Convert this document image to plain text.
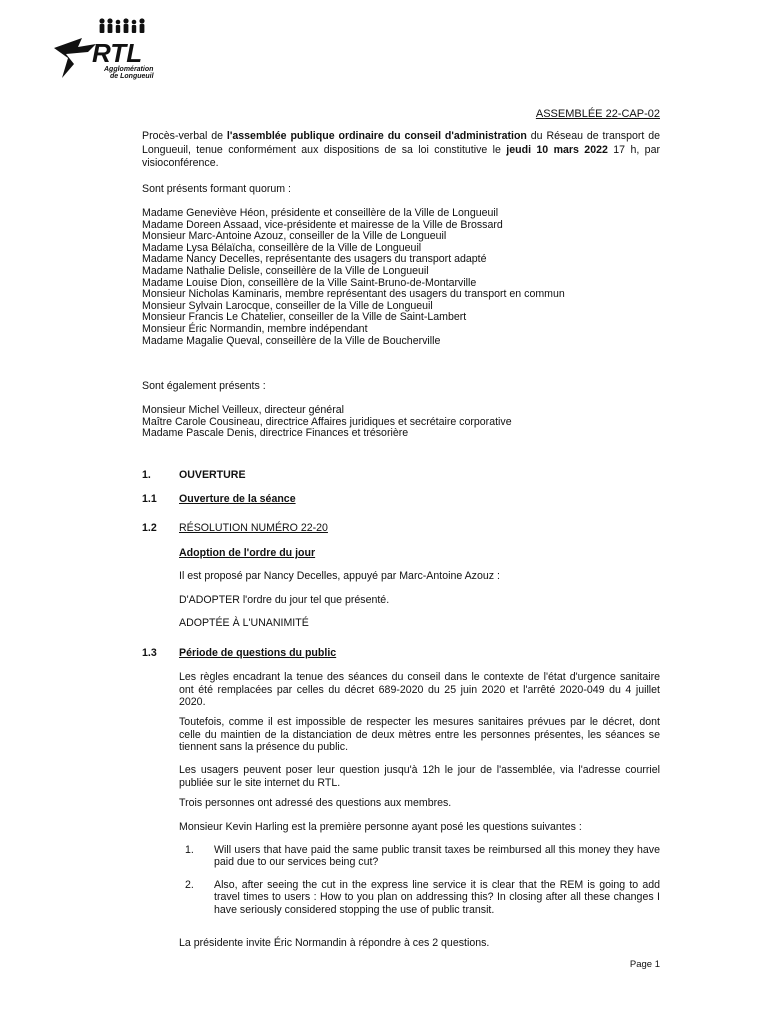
RTL
Agglomération
de Longueuil
ASSEMBLÉE 22-CAP-02
Procès-verbal de l'assemblée publique ordinaire du conseil d'administration du Réseau de transport de Longueuil, tenue conformément aux dispositions de sa loi constitutive le jeudi 10 mars 2022 17 h, par visioconférence.
Sont présents formant quorum :
Madame Geneviève Héon, présidente et conseillère de la Ville de Longueuil
Madame Doreen Assaad, vice-présidente et mairesse de la Ville de Brossard
Monsieur Marc-Antoine Azouz, conseiller de la Ville de Longueuil
Madame Lysa Bélaïcha, conseillère de la Ville de Longueuil
Madame Nancy Decelles, représentante des usagers du transport adapté
Madame Nathalie Delisle, conseillère de la Ville de Longueuil
Madame Louise Dion, conseillère de la Ville Saint-Bruno-de-Montarville
Monsieur Nicholas Kaminaris, membre représentant des usagers du transport en commun
Monsieur Sylvain Larocque, conseiller de la Ville de Longueuil
Monsieur Francis Le Chatelier, conseiller de la Ville de Saint-Lambert
Monsieur Éric Normandin, membre indépendant
Madame Magalie Queval, conseillère de la Ville de Boucherville
Sont également présents :
Monsieur Michel Veilleux, directeur général
Maître Carole Cousineau, directrice Affaires juridiques et secrétaire corporative
Madame Pascale Denis, directrice Finances et trésorière
1.	OUVERTURE
1.1 Ouverture de la séance
1.2 RÉSOLUTION NUMÉRO 22-20
Adoption de l'ordre du jour
Il est proposé par Nancy Decelles, appuyé par Marc-Antoine Azouz :
D'ADOPTER l'ordre du jour tel que présenté.
ADOPTÉE À L'UNANIMITÉ
1.3 Période de questions du public
Les règles encadrant la tenue des séances du conseil dans le contexte de l'état d'urgence sanitaire ont été remplacées par celles du décret 689-2020 du 25 juin 2020 et l'arrêté 2020-049 du 4 juillet 2020.
Toutefois, comme il est impossible de respecter les mesures sanitaires prévues par le décret, dont celle du maintien de la distanciation de deux mètres entre les personnes présentes, les séances se tiennent sans la présence du public.
Les usagers peuvent poser leur question jusqu'à 12h le jour de l'assemblée, via l'adresse courriel publiée sur le site internet du RTL.
Trois personnes ont adressé des questions aux membres.
Monsieur Kevin Harling est la première personne ayant posé les questions suivantes :
1. Will users that have paid the same public transit taxes be reimbursed all this money they have paid due to our services being cut?
2. Also, after seeing the cut in the express line service it is clear that the REM is going to add travel times to users : How to you plan on addressing this? In closing after all these changes I have seriously considered stopping the use of public transit.
La présidente invite Éric Normandin à répondre à ces 2 questions.
Page 1
